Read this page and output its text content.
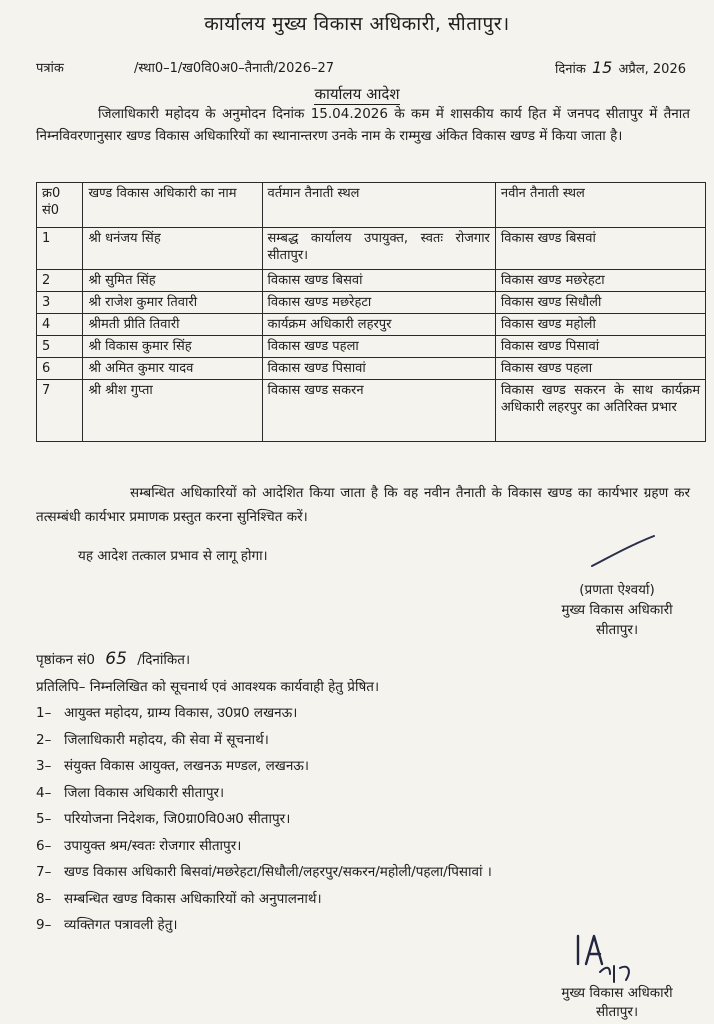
कार्यालय मुख्य विकास अधिकारी, सीतापुर।
पत्रांक	/स्था0–1/ख0वि0अ0–तैनाती/2026–27	दिनांक 15 अप्रैल, 2026
कार्यालय आदेश
जिलाधिकारी महोदय के अनुमोदन दिनांक 15.04.2026 के कम में शासकीय कार्य हित में जनपद सीतापुर में तैनात निम्नविवरणानुसार खण्ड विकास अधिकारियों का स्थानान्तरण उनके नाम के राम्मुख अंकित विकास खण्ड में किया जाता है।
क्र0 सं0	खण्ड विकास अधिकारी का नाम	वर्तमान तैनाती स्थल	नवीन तैनाती स्थल
1	श्री धनंजय सिंह	सम्बद्ध कार्यालय उपायुक्त, स्वतः रोजगार सीतापुर।	विकास खण्ड बिसवां
2	श्री सुमित सिंह	विकास खण्ड बिसवां	विकास खण्ड मछरेहटा
3	श्री राजेश कुमार तिवारी	विकास खण्ड मछरेहटा	विकास खण्ड सिधौली
4	श्रीमती प्रीति तिवारी	कार्यक्रम अधिकारी लहरपुर	विकास खण्ड महोली
5	श्री विकास कुमार सिंह	विकास खण्ड पहला	विकास खण्ड पिसावां
6	श्री अमित कुमार यादव	विकास खण्ड पिसावां	विकास खण्ड पहला
7	श्री श्रीश गुप्ता	विकास खण्ड सकरन	विकास खण्ड सकरन के साथ कार्यक्रम अधिकारी लहरपुर का अतिरिक्त प्रभार
सम्बन्धित अधिकारियों को आदेशित किया जाता है कि वह नवीन तैनाती के विकास खण्ड का कार्यभार ग्रहण कर तत्सम्बंधी कार्यभार प्रमाणक प्रस्तुत करना सुनिश्चित करें।
यह आदेश तत्काल प्रभाव से लागू होगा।
(प्रणता ऐश्वर्या)
मुख्य विकास अधिकारी
सीतापुर।
पृष्ठांकन सं0 65 /दिनांकित।
प्रतिलिपि– निम्नलिखित को सूचनार्थ एवं आवश्यक कार्यवाही हेतु प्रेषित।
1– आयुक्त महोदय, ग्राम्य विकास, उ0प्र0 लखनऊ।
2– जिलाधिकारी महोदय, की सेवा में सूचनार्थ।
3– संयुक्त विकास आयुक्त, लखनऊ मण्डल, लखनऊ।
4– जिला विकास अधिकारी सीतापुर।
5– परियोजना निदेशक, जि0ग्रा0वि0अ0 सीतापुर।
6– उपायुक्त श्रम/स्वतः रोजगार सीतापुर।
7– खण्ड विकास अधिकारी बिसवां/मछरेहटा/सिधौली/लहरपुर/सकरन/महोली/पहला/पिसावां ।
8– सम्बन्धित खण्ड विकास अधिकारियों को अनुपालनार्थ।
9– व्यक्तिगत पत्रावली हेतु।
मुख्य विकास अधिकारी
सीतापुर।
